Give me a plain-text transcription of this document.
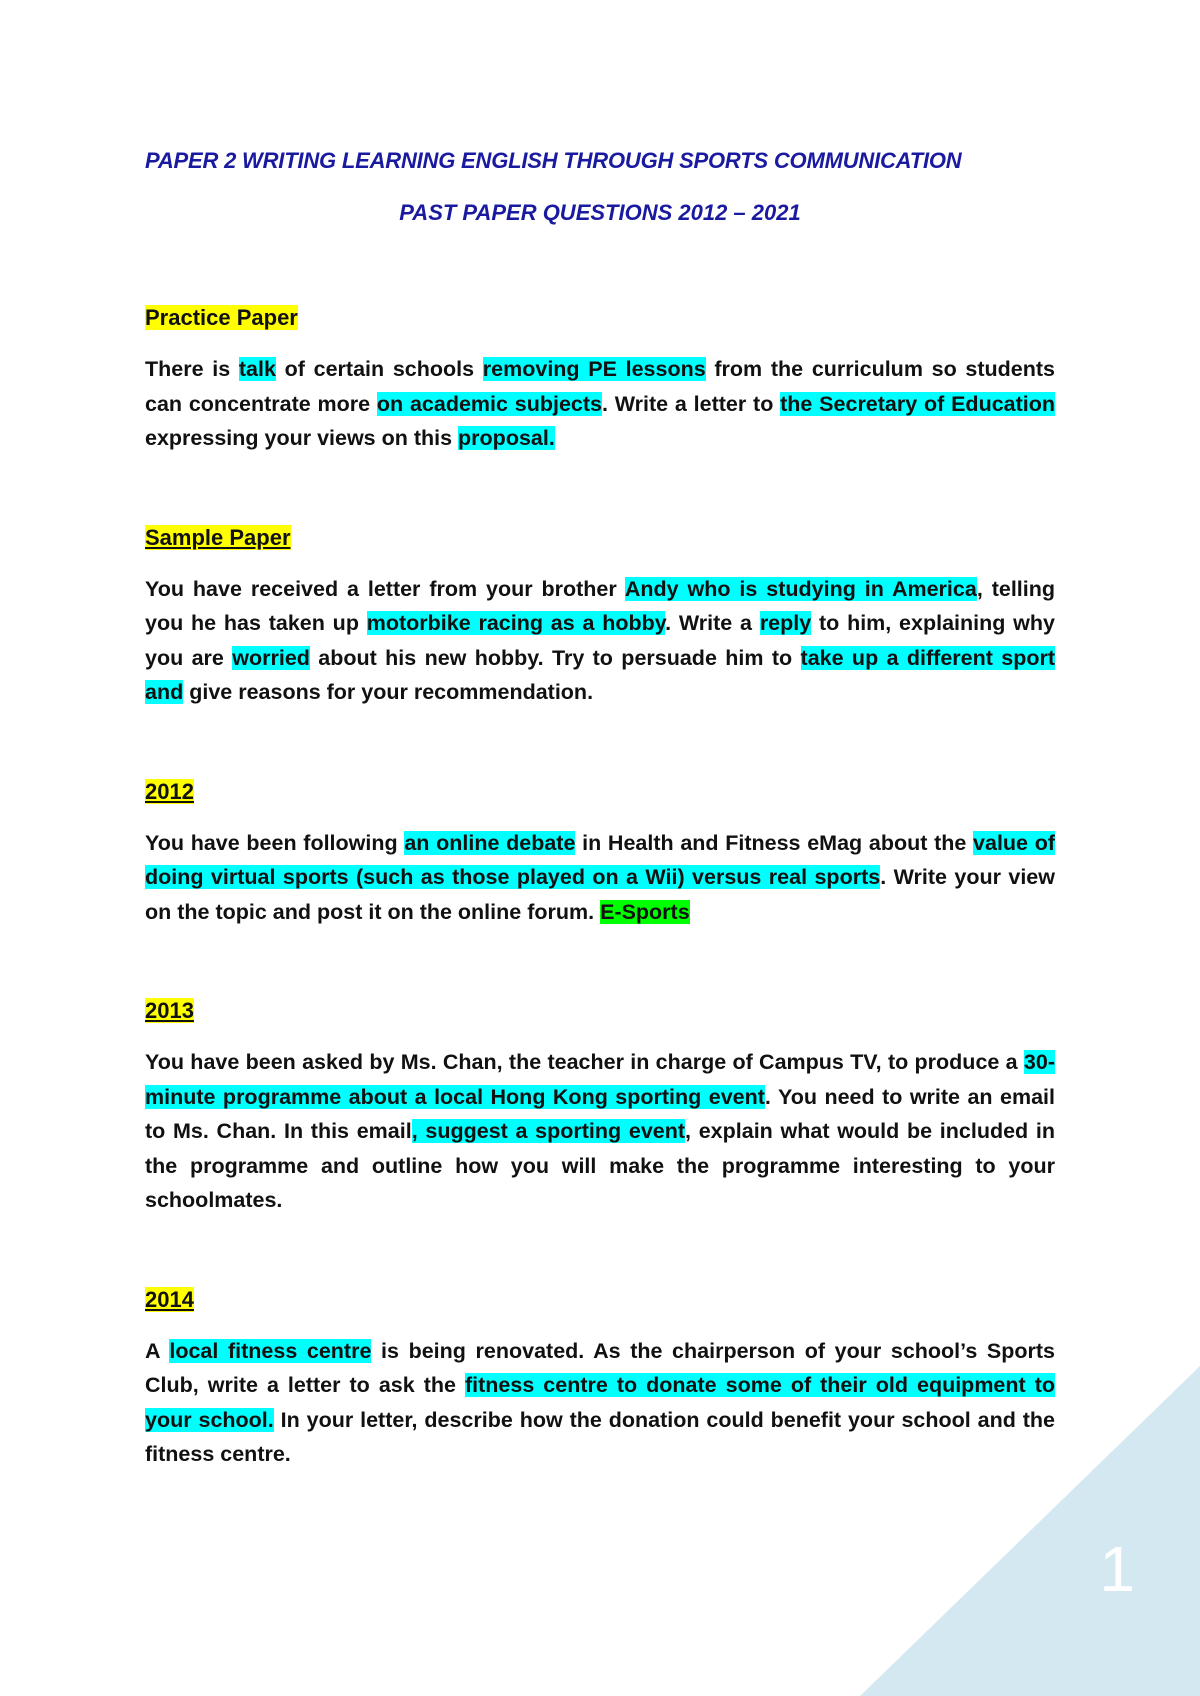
PAPER 2 WRITING LEARNING ENGLISH THROUGH SPORTS COMMUNICATION

PAST PAPER QUESTIONS 2012 – 2021

Practice Paper

There is talk of certain schools removing PE lessons from the curriculum so students can concentrate more on academic subjects. Write a letter to the Secretary of Education expressing your views on this proposal.

Sample Paper

You have received a letter from your brother Andy who is studying in America, telling you he has taken up motorbike racing as a hobby. Write a reply to him, explaining why you are worried about his new hobby. Try to persuade him to take up a different sport and give reasons for your recommendation.

2012

You have been following an online debate in Health and Fitness eMag about the value of doing virtual sports (such as those played on a Wii) versus real sports. Write your view on the topic and post it on the online forum. E-Sports

2013

You have been asked by Ms. Chan, the teacher in charge of Campus TV, to produce a 30-minute programme about a local Hong Kong sporting event. You need to write an email to Ms. Chan. In this email, suggest a sporting event, explain what would be included in the programme and outline how you will make the programme interesting to your schoolmates.

2014

A local fitness centre is being renovated. As the chairperson of your school’s Sports Club, write a letter to ask the fitness centre to donate some of their old equipment to your school. In your letter, describe how the donation could benefit your school and the fitness centre.

1
